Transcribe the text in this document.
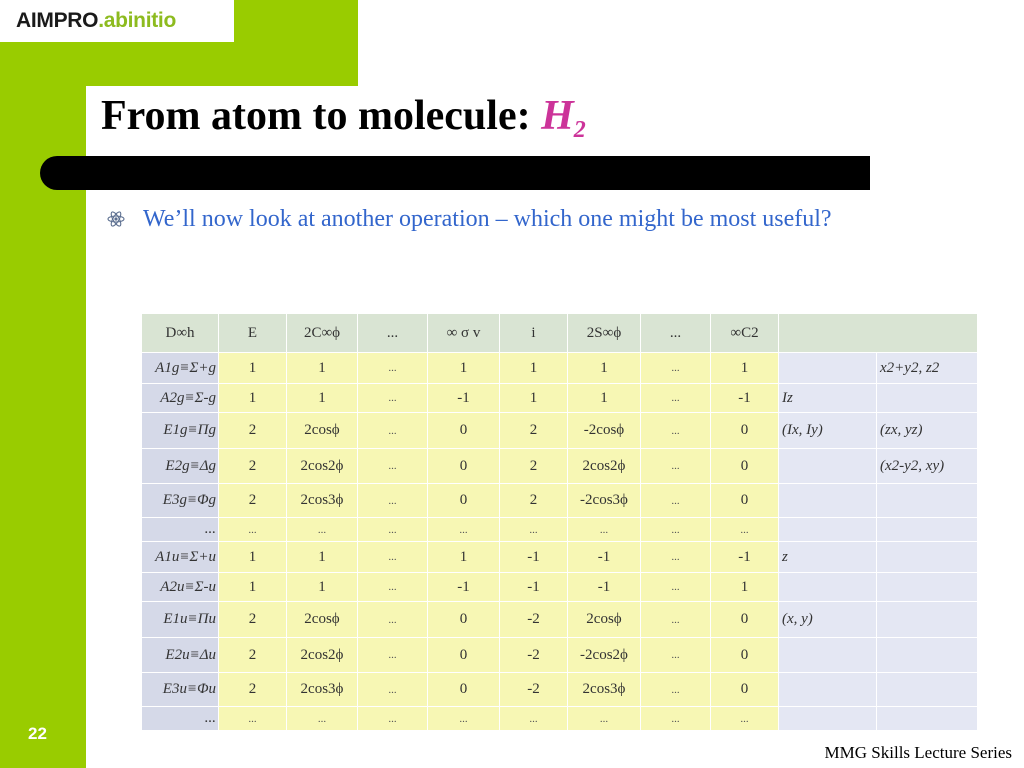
AIMPRO .abinitio
From atom to molecule: H2
We’ll now look at another operation – which one might be most useful?
D∞h	E	2C∞ϕ	...	∞ σ v	i	2S∞ϕ	...	∞C2		
A1g≡Σ+g	1	1	...	1	1	1	...	1		x2+y2, z2
A2g≡Σ-g	1	1	...	-1	1	1	...	-1	Iz	
E1g≡Πg	2	2cosϕ	...	0	2	-2cosϕ	...	0	(Ix, Iy)	(zx, yz)
E2g≡Δg	2	2cos2ϕ	...	0	2	2cos2ϕ	...	0		(x2-y2, xy)
E3g≡Φg	2	2cos3ϕ	...	0	2	-2cos3ϕ	...	0		
...	...	...	...	...	...	...	...	...		
A1u≡Σ+u	1	1	...	1	-1	-1	...	-1	z	
A2u≡Σ-u	1	1	...	-1	-1	-1	...	1		
E1u≡Πu	2	2cosϕ	...	0	-2	2cosϕ	...	0	(x, y)	
E2u≡Δu	2	2cos2ϕ	...	0	-2	-2cos2ϕ	...	0		
E3u≡Φu	2	2cos3ϕ	...	0	-2	2cos3ϕ	...	0		
...	...	...	...	...	...	...	...	...		
22
MMG Skills Lecture Series
